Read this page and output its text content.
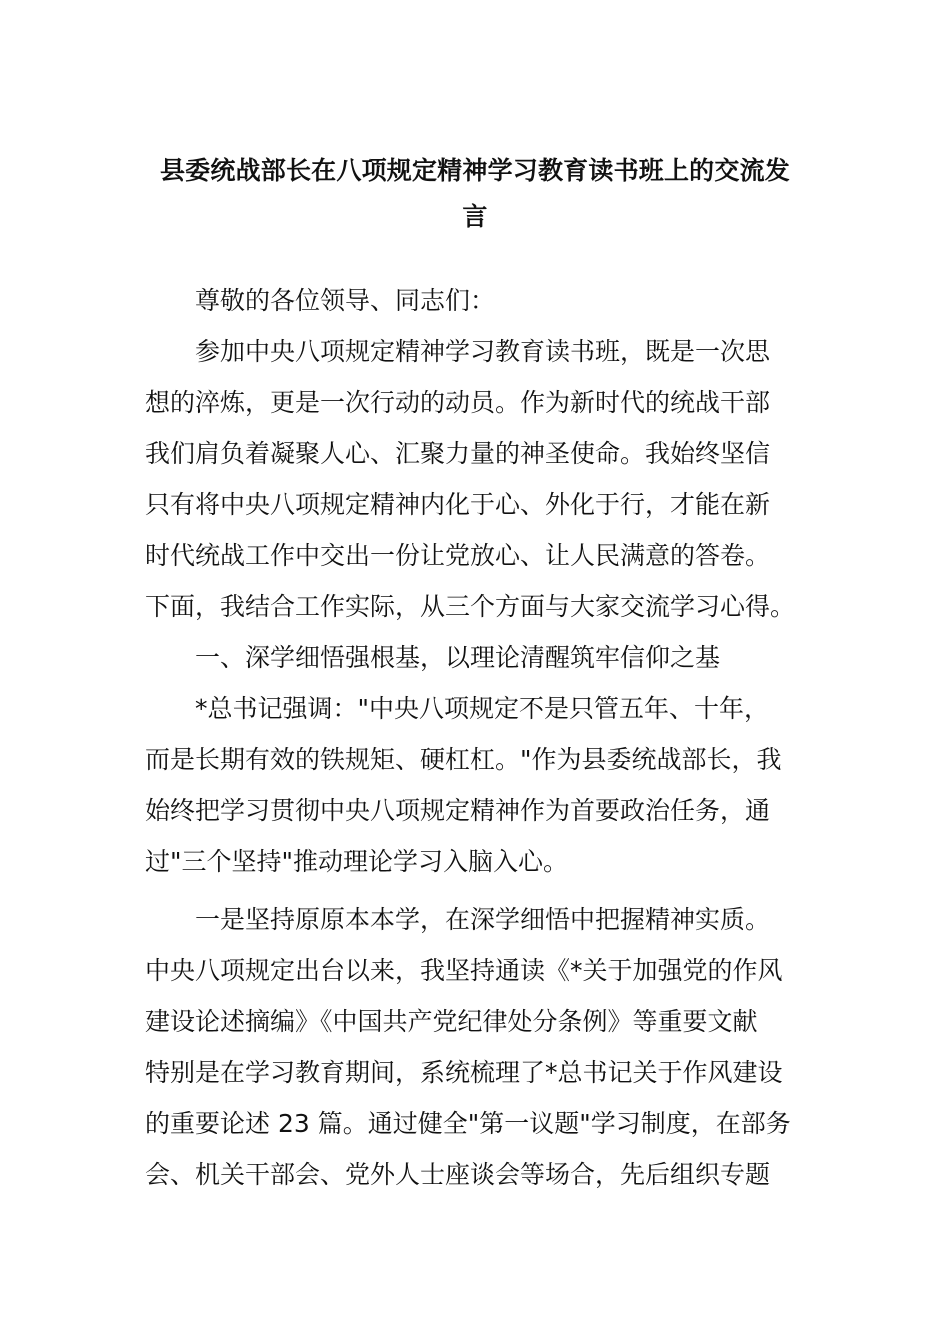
县委统战部长在八项规定精神学习教育读书班上的交流发
言
尊敬的各位领导、同志们：
参加中央八项规定精神学习教育读书班，既是一次思
想的淬炼，更是一次行动的动员。作为新时代的统战干部
我们肩负着凝聚人心、汇聚力量的神圣使命。我始终坚信
只有将中央八项规定精神内化于心、外化于行，才能在新
时代统战工作中交出一份让党放心、让人民满意的答卷。
下面，我结合工作实际，从三个方面与大家交流学习心得。
一、深学细悟强根基，以理论清醒筑牢信仰之基
*总书记强调："中央八项规定不是只管五年、十年，
而是长期有效的铁规矩、硬杠杠。"作为县委统战部长，我
始终把学习贯彻中央八项规定精神作为首要政治任务，通
过"三个坚持"推动理论学习入脑入心。
一是坚持原原本本学，在深学细悟中把握精神实质。
中央八项规定出台以来，我坚持通读《*关于加强党的作风
建设论述摘编》《中国共产党纪律处分条例》等重要文献
特别是在学习教育期间，系统梳理了*总书记关于作风建设
的重要论述 23 篇。通过健全"第一议题"学习制度，在部务
会、机关干部会、党外人士座谈会等场合，先后组织专题
